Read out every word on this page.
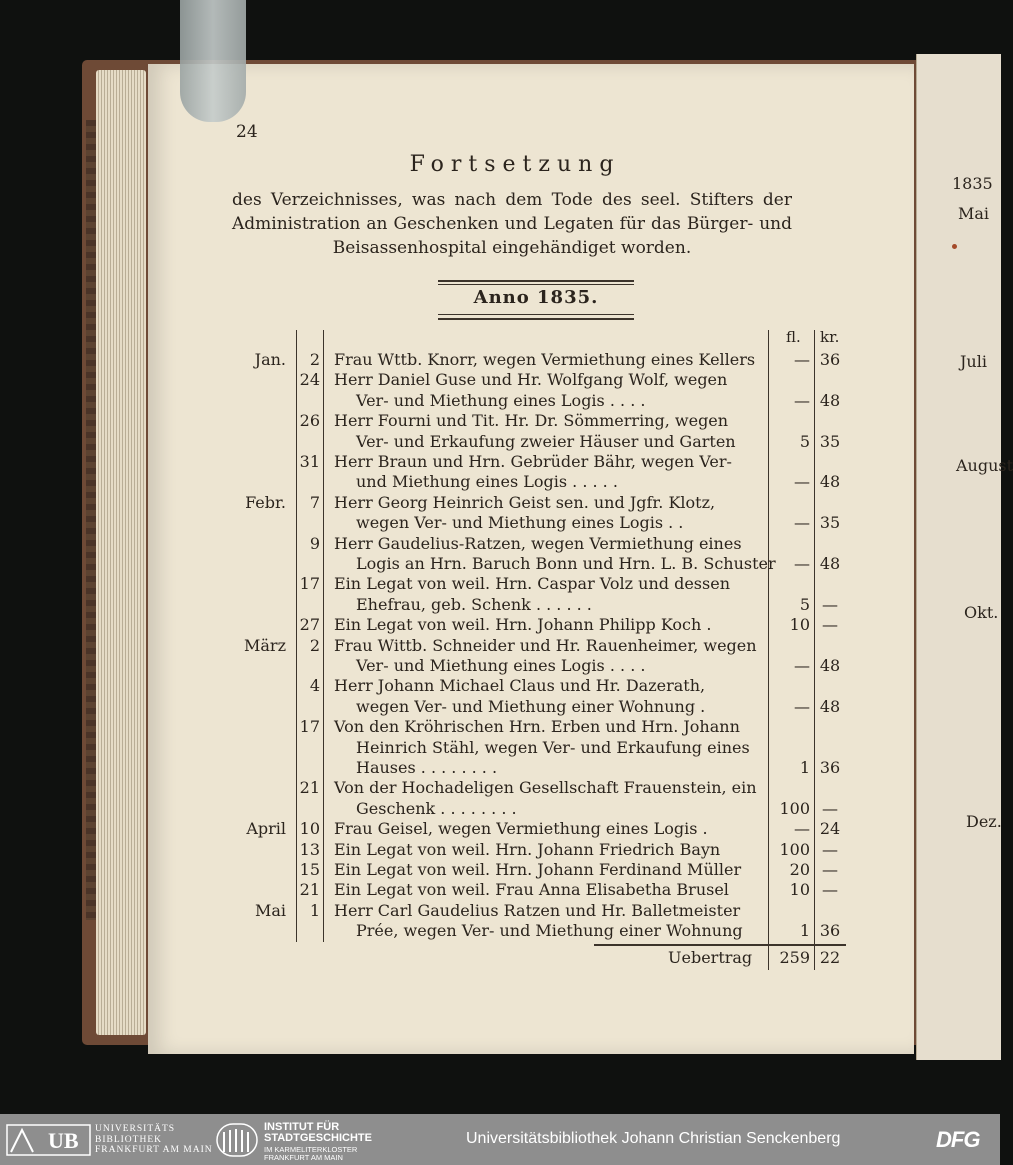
24
Fortsetzung
des Verzeichnisses, was nach dem Tode des seel. Stifters der Administration an Geschenken und Legaten für das Bürger- und Beisassenhospital eingehändiget worden.
Anno 1835.
fl. kr.
Jan.	2 Frau Wttb. Knorr, wegen Vermiethung eines Kellers	— 36
24 Herr Daniel Guse und Hr. Wolfgang Wolf, wegen
Ver- und Miethung eines Logis . . . .	— 48
26 Herr Fourni und Tit. Hr. Dr. Sömmerring, wegen
Ver- und Erkaufung zweier Häuser und Garten	5 35
31 Herr Braun und Hrn. Gebrüder Bähr, wegen Ver-
und Miethung eines Logis . . . . .	— 48
Febr.	7 Herr Georg Heinrich Geist sen. und Jgfr. Klotz,
wegen Ver- und Miethung eines Logis . .	— 35
9 Herr Gaudelius-Ratzen, wegen Vermiethung eines
Logis an Hrn. Baruch Bonn und Hrn. L. B. Schuster	— 48
17 Ein Legat von weil. Hrn. Caspar Volz und dessen
Ehefrau, geb. Schenk . . . . . .	5 —
27 Ein Legat von weil. Hrn. Johann Philipp Koch .	10 —
März	2 Frau Wittb. Schneider und Hr. Rauenheimer, wegen
Ver- und Miethung eines Logis . . . .	— 48
4 Herr Johann Michael Claus und Hr. Dazerath,
wegen Ver- und Miethung einer Wohnung .	— 48
17 Von den Kröhrischen Hrn. Erben und Hrn. Johann
Heinrich Stähl, wegen Ver- und Erkaufung eines
Hauses . . . . . . . .	1 36
21 Von der Hochadeligen Gesellschaft Frauenstein, ein
Geschenk . . . . . . . .	100 —
April 10 Frau Geisel, wegen Vermiethung eines Logis .	— 24
13 Ein Legat von weil. Hrn. Johann Friedrich Bayn	100 —
15 Ein Legat von weil. Hrn. Johann Ferdinand Müller	20 —
21 Ein Legat von weil. Frau Anna Elisabetha Brusel	10 —
Mai	1 Herr Carl Gaudelius Ratzen und Hr. Balletmeister
Prée, wegen Ver- und Miethung einer Wohnung	1 36
Uebertrag	259 22
1835
Mai
Juli
August
Okt.
Dez.
UB UNIVERSITÄTS
BIBLIOTHEK
FRANKFURT AM MAIN
INSTITUT FÜR
STADTGESCHICHTE
IM KARMELITERKLOSTER
FRANKFURT AM MAIN
Universitätsbibliothek Johann Christian Senckenberg	DFG
